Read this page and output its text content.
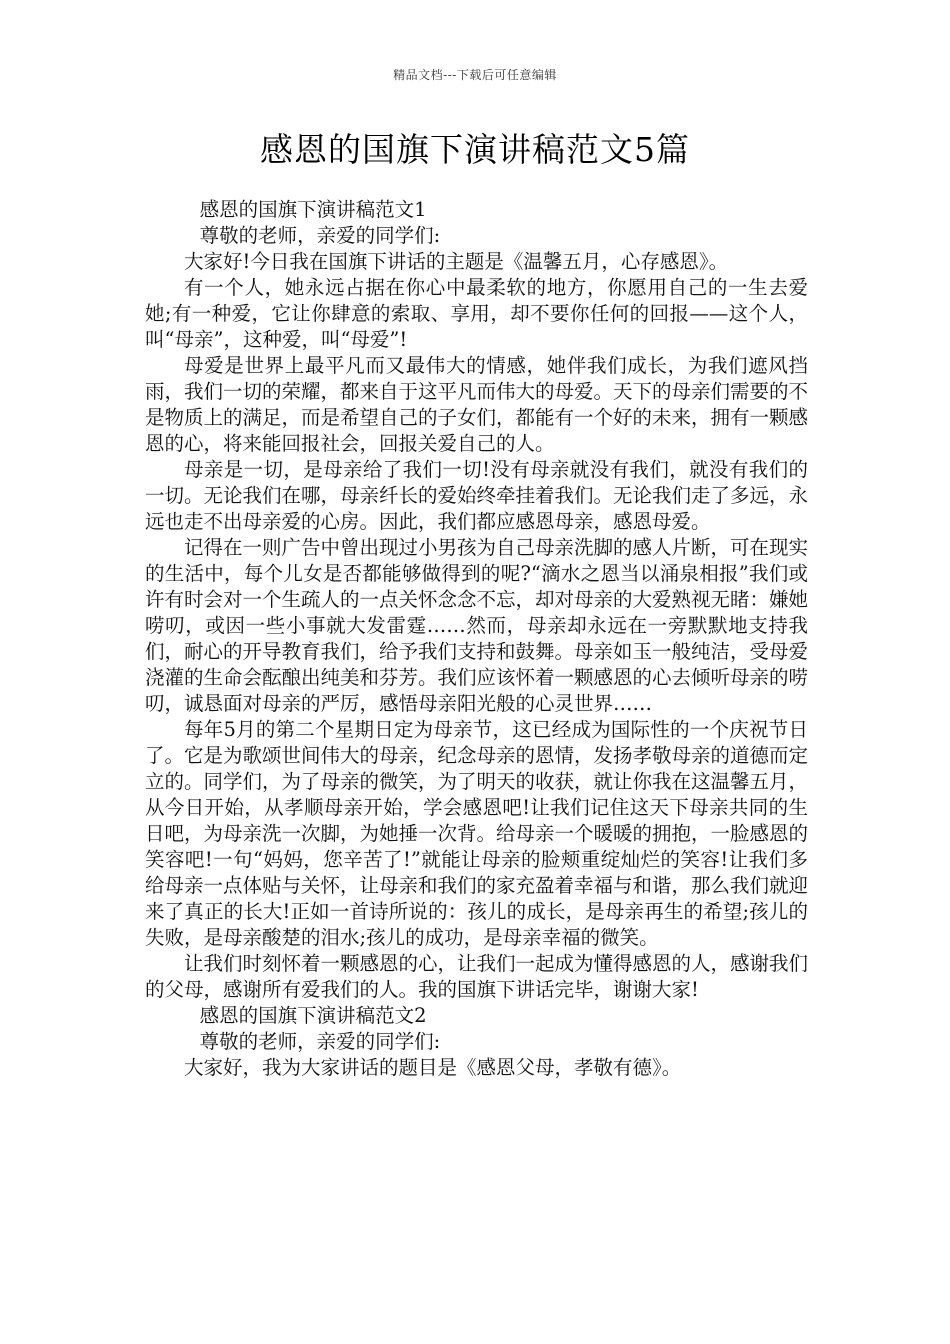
精品文档---下载后可任意编辑
感恩的国旗下演讲稿范文5篇

感恩的国旗下演讲稿范文1

尊敬的老师，亲爱的同学们:

大家好!今日我在国旗下讲话的主题是《温馨五月，心存感恩》。

有一个人，她永远占据在你心中最柔软的地方，你愿用自己的一生去爱她;有一种爱，它让你肆意的索取、享用，却不要你任何的回报——这个人，叫“母亲”，这种爱，叫“母爱”!

母爱是世界上最平凡而又最伟大的情感，她伴我们成长，为我们遮风挡雨，我们一切的荣耀，都来自于这平凡而伟大的母爱。天下的母亲们需要的不是物质上的满足，而是希望自己的子女们，都能有一个好的未来，拥有一颗感恩的心，将来能回报社会，回报关爱自己的人。

母亲是一切，是母亲给了我们一切!没有母亲就没有我们，就没有我们的一切。无论我们在哪，母亲纤长的爱始终牵挂着我们。无论我们走了多远，永远也走不出母亲爱的心房。因此，我们都应感恩母亲，感恩母爱。

记得在一则广告中曾出现过小男孩为自己母亲洗脚的感人片断，可在现实的生活中，每个儿女是否都能够做得到的呢?“滴水之恩当以涌泉相报”我们或许有时会对一个生疏人的一点关怀念念不忘，却对母亲的大爱熟视无睹：嫌她唠叨，或因一些小事就大发雷霆……然而，母亲却永远在一旁默默地支持我们，耐心的开导教育我们，给予我们支持和鼓舞。母亲如玉一般纯洁，受母爱浇灌的生命会酝酿出纯美和芬芳。我们应该怀着一颗感恩的心去倾听母亲的唠叨，诚恳面对母亲的严厉，感悟母亲阳光般的心灵世界……

每年5月的第二个星期日定为母亲节，这已经成为国际性的一个庆祝节日了。它是为歌颂世间伟大的母亲，纪念母亲的恩情，发扬孝敬母亲的道德而定立的。同学们，为了母亲的微笑，为了明天的收获，就让你我在这温馨五月，从今日开始，从孝顺母亲开始，学会感恩吧!让我们记住这天下母亲共同的生日吧，为母亲洗一次脚，为她捶一次背。给母亲一个暖暖的拥抱，一脸感恩的笑容吧!一句“妈妈，您辛苦了!”就能让母亲的脸颊重绽灿烂的笑容!让我们多给母亲一点体贴与关怀，让母亲和我们的家充盈着幸福与和谐，那么我们就迎来了真正的长大!正如一首诗所说的：孩儿的成长，是母亲再生的希望;孩儿的失败，是母亲酸楚的泪水;孩儿的成功，是母亲幸福的微笑。

让我们时刻怀着一颗感恩的心，让我们一起成为懂得感恩的人，感谢我们的父母，感谢所有爱我们的人。我的国旗下讲话完毕，谢谢大家!

感恩的国旗下演讲稿范文2

尊敬的老师，亲爱的同学们:

大家好，我为大家讲话的题目是《感恩父母，孝敬有德》。
